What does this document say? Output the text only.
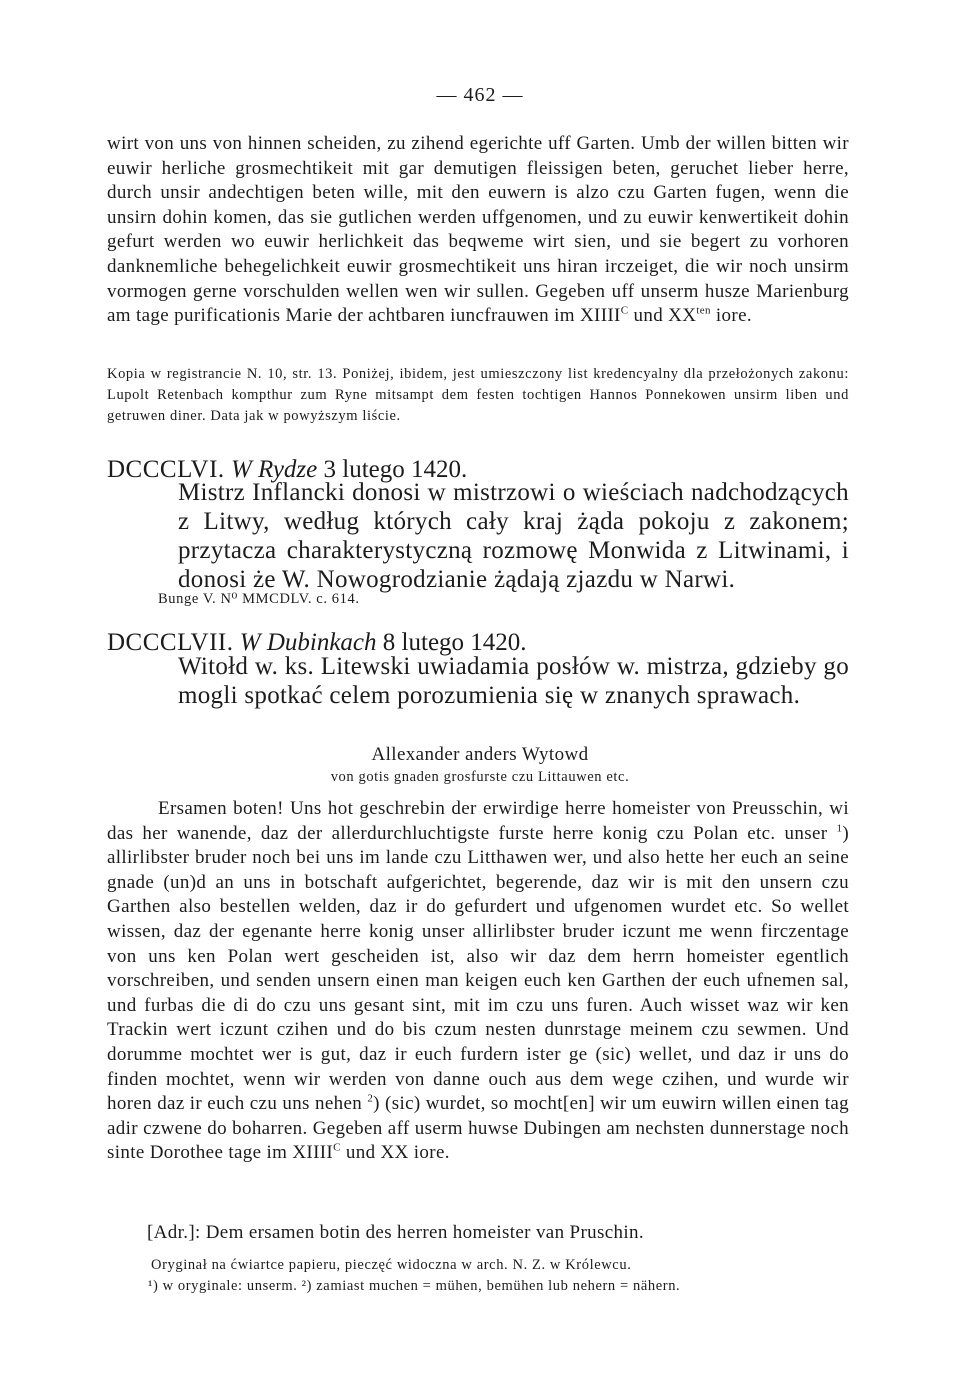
— 462 —
wirt von uns von hinnen scheiden, zu zihend egerichte uff Garten. Umb der willen bitten wir euwir herliche grosmechtikeit mit gar demutigen fleissigen beten, geruchet lieber herre, durch unsir andechtigen beten wille, mit den euwern is alzo czu Garten fugen, wenn die unsirn dohin komen, das sie gutlichen werden uffgenomen, und zu euwir kenwertikeit dohin gefurt werden wo euwir herlichkeit das beqweme wirt sien, und sie begert zu vorhoren danknemliche behegelichkeit euwir grosmechtikeit uns hiran irczeiget, die wir noch unsirm vormogen gerne vorschulden wellen wen wir sullen. Gegeben uff unserm husze Marienburg am tage purificationis Marie der achtbaren iuncfrauwen im $XIIII^C$ und $XX^{ten}$ iore.
Kopia w registrancie N. 10, str. 13. Poniżej, ibidem, jest umieszczony list kredencyalny dla przełożonych zakonu: Lupolt Retenbach kompthur zum Ryne mitsampt dem festen tochtigen Hannos Ponnekowen unsirm liben und getruwen diner. Data jak w powyższym liście.
DCCCLVI. W Rydze 3 lutego 1420.
Mistrz Inflancki donosi w mistrzowi o wieściach nadchodzących z Litwy, według których cały kraj żąda pokoju z zakonem; przytacza charakterystyczną rozmowę Monwida z Litwinami, i donosi że W. Nowogrodzianie żądają zjazdu w Narwi.
Bunge V. N⁰ MMCDLV. c. 614.
DCCCLVII. W Dubinkach 8 lutego 1420.
Witołd w. ks. Litewski uwiadamia posłów w. mistrza, gdzieby go mogli spotkać celem porozumienia się w znanych sprawach.
Allexander anders Wytowd
von gotis gnaden grosfurste czu Littauwen etc.
Ersamen boten! Uns hot geschrebin der erwirdige herre homeister von Preusschin, wi das her wanende, daz der allerdurchluchtigste furste herre konig czu Polan etc. unser $^1$) allirlibster bruder noch bei uns im lande czu Litthawen wer, und also hette her euch an seine gnade (un)d an uns in botschaft aufgerichtet, begerende, daz wir is mit den unsern czu Garthen also bestellen welden, daz ir do gefurdert und ufgenomen wurdet etc. So wellet wissen, daz der egenante herre konig unser allirlibster bruder iczunt me wenn firczentage von uns ken Polan wert gescheiden ist, also wir daz dem herrn homeister egentlich vorschreiben, und senden unsern einen man keigen euch ken Garthen der euch ufnemen sal, und furbas die di do czu uns gesant sint, mit im czu uns furen. Auch wisset waz wir ken Trackin wert iczunt czihen und do bis czum nesten dunrstage meinem czu sewmen. Und dorumme mochtet wer is gut, daz ir euch furdern ister ge (sic) wellet, und daz ir uns do finden mochtet, wenn wir werden von danne ouch aus dem wege czihen, und wurde wir horen daz ir euch czu uns nehen $^2$) (sic) wurdet, so mocht[en] wir um euwirn willen einen tag adir czwene do boharren. Gegeben aff userm huwse Dubingen am nechsten dunnerstage noch sinte Dorothee tage im $XIIII^C$ und XX iore.
[Adr.]: Dem ersamen botin des herren homeister van Pruschin.
Oryginał na ćwiartce papieru, pieczęć widoczna w arch. N. Z. w Królewcu.
¹) w oryginale: unserm. ²) zamiast muchen = mühen, bemühen lub nehern = nähern.
